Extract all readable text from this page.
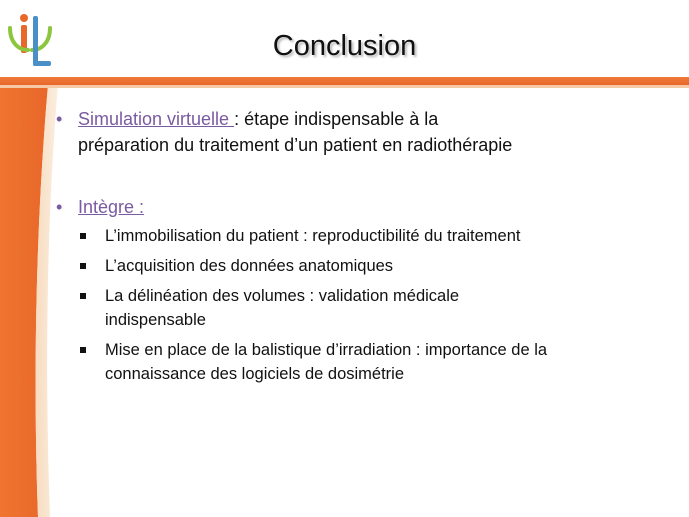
Conclusion
• Simulation virtuelle : étape indispensable à la
préparation du traitement d’un patient en radiothérapie
• Intègre :
L’immobilisation du patient : reproductibilité du traitement
L’acquisition des données anatomiques
La délinéation des volumes : validation médicale
indispensable
Mise en place de la balistique d’irradiation : importance de la
connaissance des logiciels de dosimétrie
